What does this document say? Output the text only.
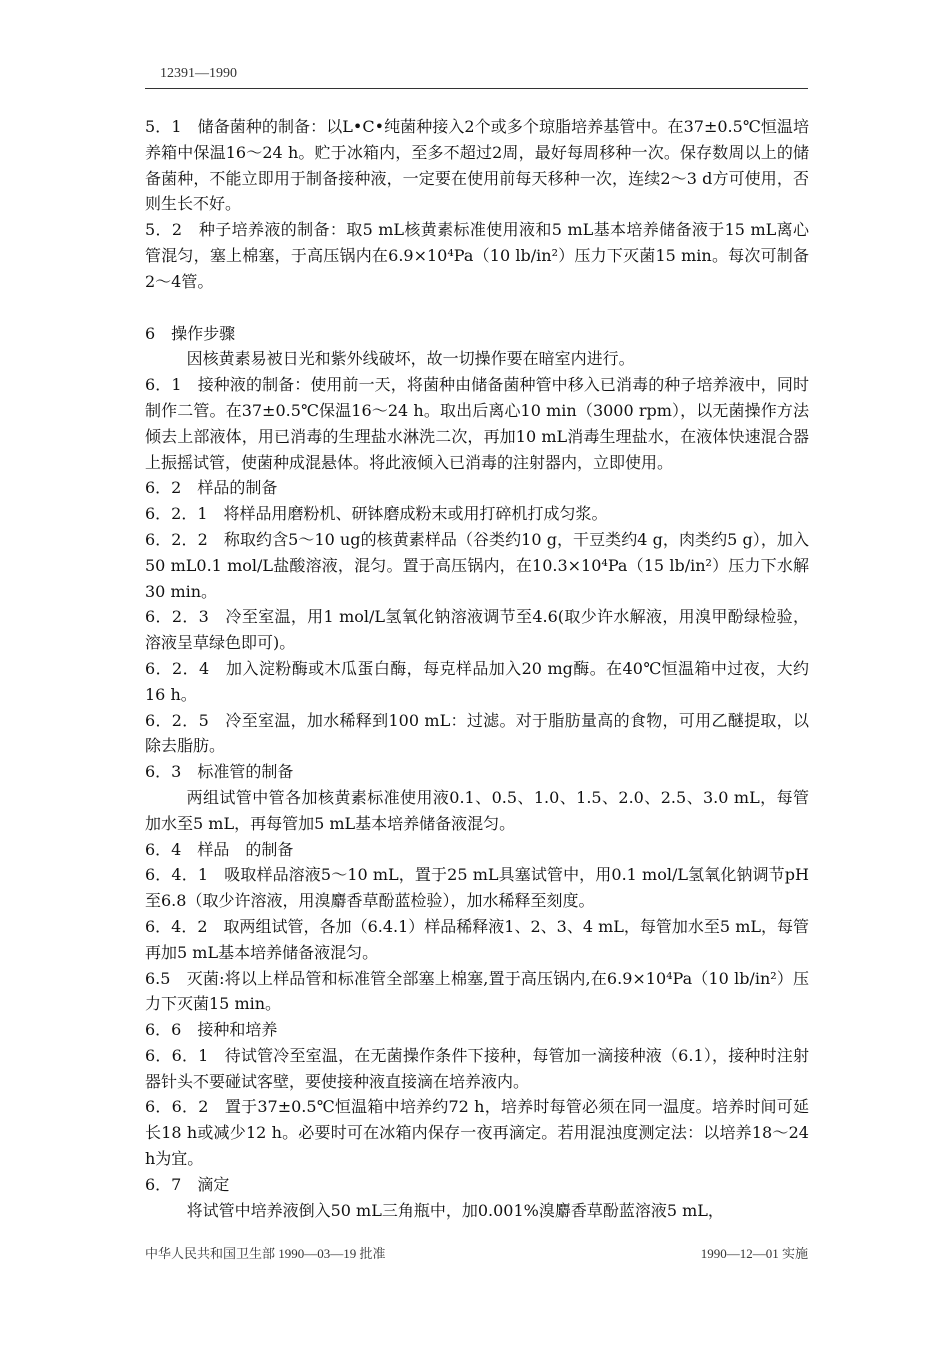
12391—1990

5．1　储备菌种的制备：以L•C•纯菌种接入2个或多个琼脂培养基管中。在37±0.5℃恒温培养箱中保温16～24 h。贮于冰箱内，至多不超过2周，最好每周移种一次。保存数周以上的储备菌种，不能立即用于制备接种液，一定要在使用前每天移种一次，连续2～3 d方可使用，否则生长不好。

5．2　种子培养液的制备：取5 mL核黄素标准使用液和5 mL基本培养储备液于15 mL离心管混匀，塞上棉塞，于高压锅内在6.9×10⁴Pa（10 lb/in²）压力下灭菌15 min。每次可制备2～4管。

6　操作步骤

因核黄素易被日光和紫外线破坏，故一切操作要在暗室内进行。

6．1　接种液的制备：使用前一天，将菌种由储备菌种管中移入已消毒的种子培养液中，同时制作二管。在37±0.5℃保温16～24 h。取出后离心10 min（3000 rpm），以无菌操作方法倾去上部液体，用已消毒的生理盐水淋洗二次，再加10 mL消毒生理盐水，在液体快速混合器上振摇试管，使菌种成混悬体。将此液倾入已消毒的注射器内，立即使用。

6．2　样品的制备

6．2．1　将样品用磨粉机、研钵磨成粉末或用打碎机打成匀浆。

6．2．2　称取约含5～10 ug的核黄素样品（谷类约10 g，干豆类约4 g，肉类约5 g），加入50 mL0.1 mol/L盐酸溶液，混匀。置于高压锅内，在10.3×10⁴Pa（15 lb/in²）压力下水解30 min。

6．2．3　冷至室温，用1 mol/L氢氧化钠溶液调节至4.6(取少许水解液，用溴甲酚绿检验，溶液呈草绿色即可)。

6．2．4　加入淀粉酶或木瓜蛋白酶，每克样品加入20 mg酶。在40℃恒温箱中过夜，大约16 h。

6．2．5　冷至室温，加水稀释到100 mL：过滤。对于脂肪量高的食物，可用乙醚提取，以除去脂肪。

6．3　标准管的制备

两组试管中管各加核黄素标准使用液0.1、0.5、1.0、1.5、2.0、2.5、3.0 mL，每管加水至5 mL，再每管加5 mL基本培养储备液混匀。

6．4　样品　的制备

6．4．1　吸取样品溶液5～10 mL，置于25 mL具塞试管中，用0.1 mol/L氢氧化钠调节pH至6.8（取少许溶液，用溴麝香草酚蓝检验），加水稀释至刻度。

6．4．2　取两组试管，各加（6.4.1）样品稀释液1、2、3、4 mL，每管加水至5 mL，每管再加5 mL基本培养储备液混匀。

6.5　灭菌:将以上样品管和标准管全部塞上棉塞,置于高压锅内,在6.9×10⁴Pa（10 lb/in²）压力下灭菌15 min。

6．6　接种和培养

6．6．1　待试管冷至室温，在无菌操作条件下接种，每管加一滴接种液（6.1），接种时注射器针头不要碰试客壁，要使接种液直接滴在培养液内。

6．6．2　置于37±0.5℃恒温箱中培养约72 h，培养时每管必须在同一温度。培养时间可延长18 h或减少12 h。必要时可在冰箱内保存一夜再滴定。若用混浊度测定法：以培养18～24 h为宜。

6．7　滴定

将试管中培养液倒入50 mL三角瓶中，加0.001%溴麝香草酚蓝溶液5 mL，

中华人民共和国卫生部 1990—03—19 批准	1990—12—01 实施
